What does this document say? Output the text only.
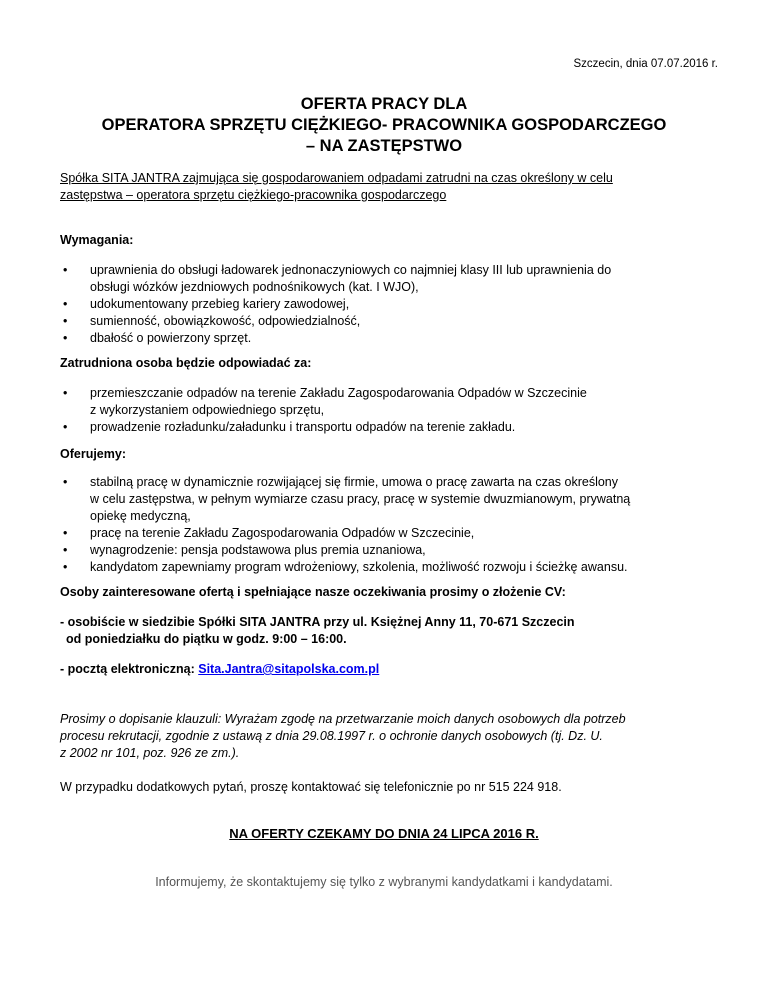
Szczecin, dnia 07.07.2016 r.
OFERTA PRACY DLA
OPERATORA SPRZĘTU CIĘŻKIEGO- PRACOWNIKA GOSPODARCZEGO
– NA ZASTĘPSTWO
Spółka SITA JANTRA zajmująca się gospodarowaniem odpadami zatrudni na czas określony w celu
zastępstwa – operatora sprzętu ciężkiego-pracownika gospodarczego
Wymagania:
• uprawnienia do obsługi ładowarek jednonaczyniowych co najmniej klasy III lub uprawnienia do
obsługi wózków jezdniowych podnośnikowych (kat. I WJO),
• udokumentowany przebieg kariery zawodowej,
• sumienność, obowiązkowość, odpowiedzialność,
• dbałość o powierzony sprzęt.
Zatrudniona osoba będzie odpowiadać za:
• przemieszczanie odpadów na terenie Zakładu Zagospodarowania Odpadów w Szczecinie
z wykorzystaniem odpowiedniego sprzętu,
• prowadzenie rozładunku/załadunku i transportu odpadów na terenie zakładu.
Oferujemy:
• stabilną pracę w dynamicznie rozwijającej się firmie, umowa o pracę zawarta na czas określony
w celu zastępstwa, w pełnym wymiarze czasu pracy, pracę w systemie dwuzmianowym, prywatną
opiekę medyczną,
• pracę na terenie Zakładu Zagospodarowania Odpadów w Szczecinie,
• wynagrodzenie: pensja podstawowa plus premia uznaniowa,
• kandydatom zapewniamy program wdrożeniowy, szkolenia, możliwość rozwoju i ścieżkę awansu.
Osoby zainteresowane ofertą i spełniające nasze oczekiwania prosimy o złożenie CV:
- osobiście w siedzibie Spółki SITA JANTRA przy ul. Księżnej Anny 11, 70-671 Szczecin
od poniedziałku do piątku w godz. 9:00 – 16:00.
- pocztą elektroniczną: Sita.Jantra@sitapolska.com.pl
Prosimy o dopisanie klauzuli: Wyrażam zgodę na przetwarzanie moich danych osobowych dla potrzeb
procesu rekrutacji, zgodnie z ustawą z dnia 29.08.1997 r. o ochronie danych osobowych (tj. Dz. U.
z 2002 nr 101, poz. 926 ze zm.).
W przypadku dodatkowych pytań, proszę kontaktować się telefonicznie po nr 515 224 918.
NA OFERTY CZEKAMY DO DNIA 24 LIPCA 2016 R.
Informujemy, że skontaktujemy się tylko z wybranymi kandydatkami i kandydatami.
